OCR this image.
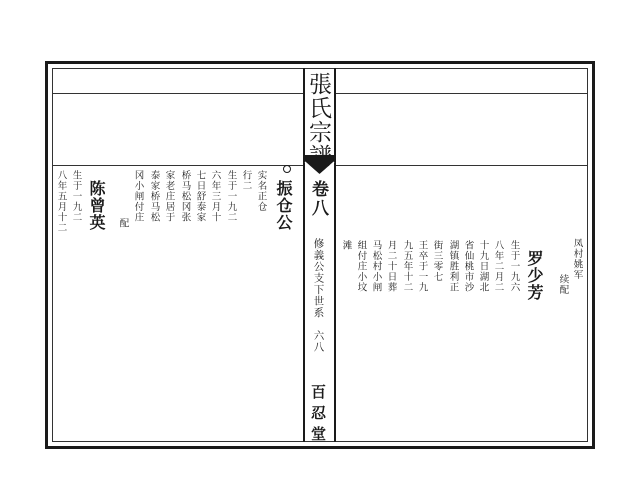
張氏宗譜
卷八
修義公支下世系　六八
百忍堂
凤村姚军
续配
罗少芳
生于一九六
八年二月二
十九日湖北
省仙桃市沙
湖镇胜利正
街三零七
王卒于一九
九五年十二
月二十日葬
马松村小闸
组付庄小坟
滩
振仓公
实名正仓
行二
生于一九二
六年三月十
七日舒泰家
桥马松冈张
家老庄居于
泰家桥马松
冈小闸付庄
配
陈曾英
生于一九二
八年五月十二
